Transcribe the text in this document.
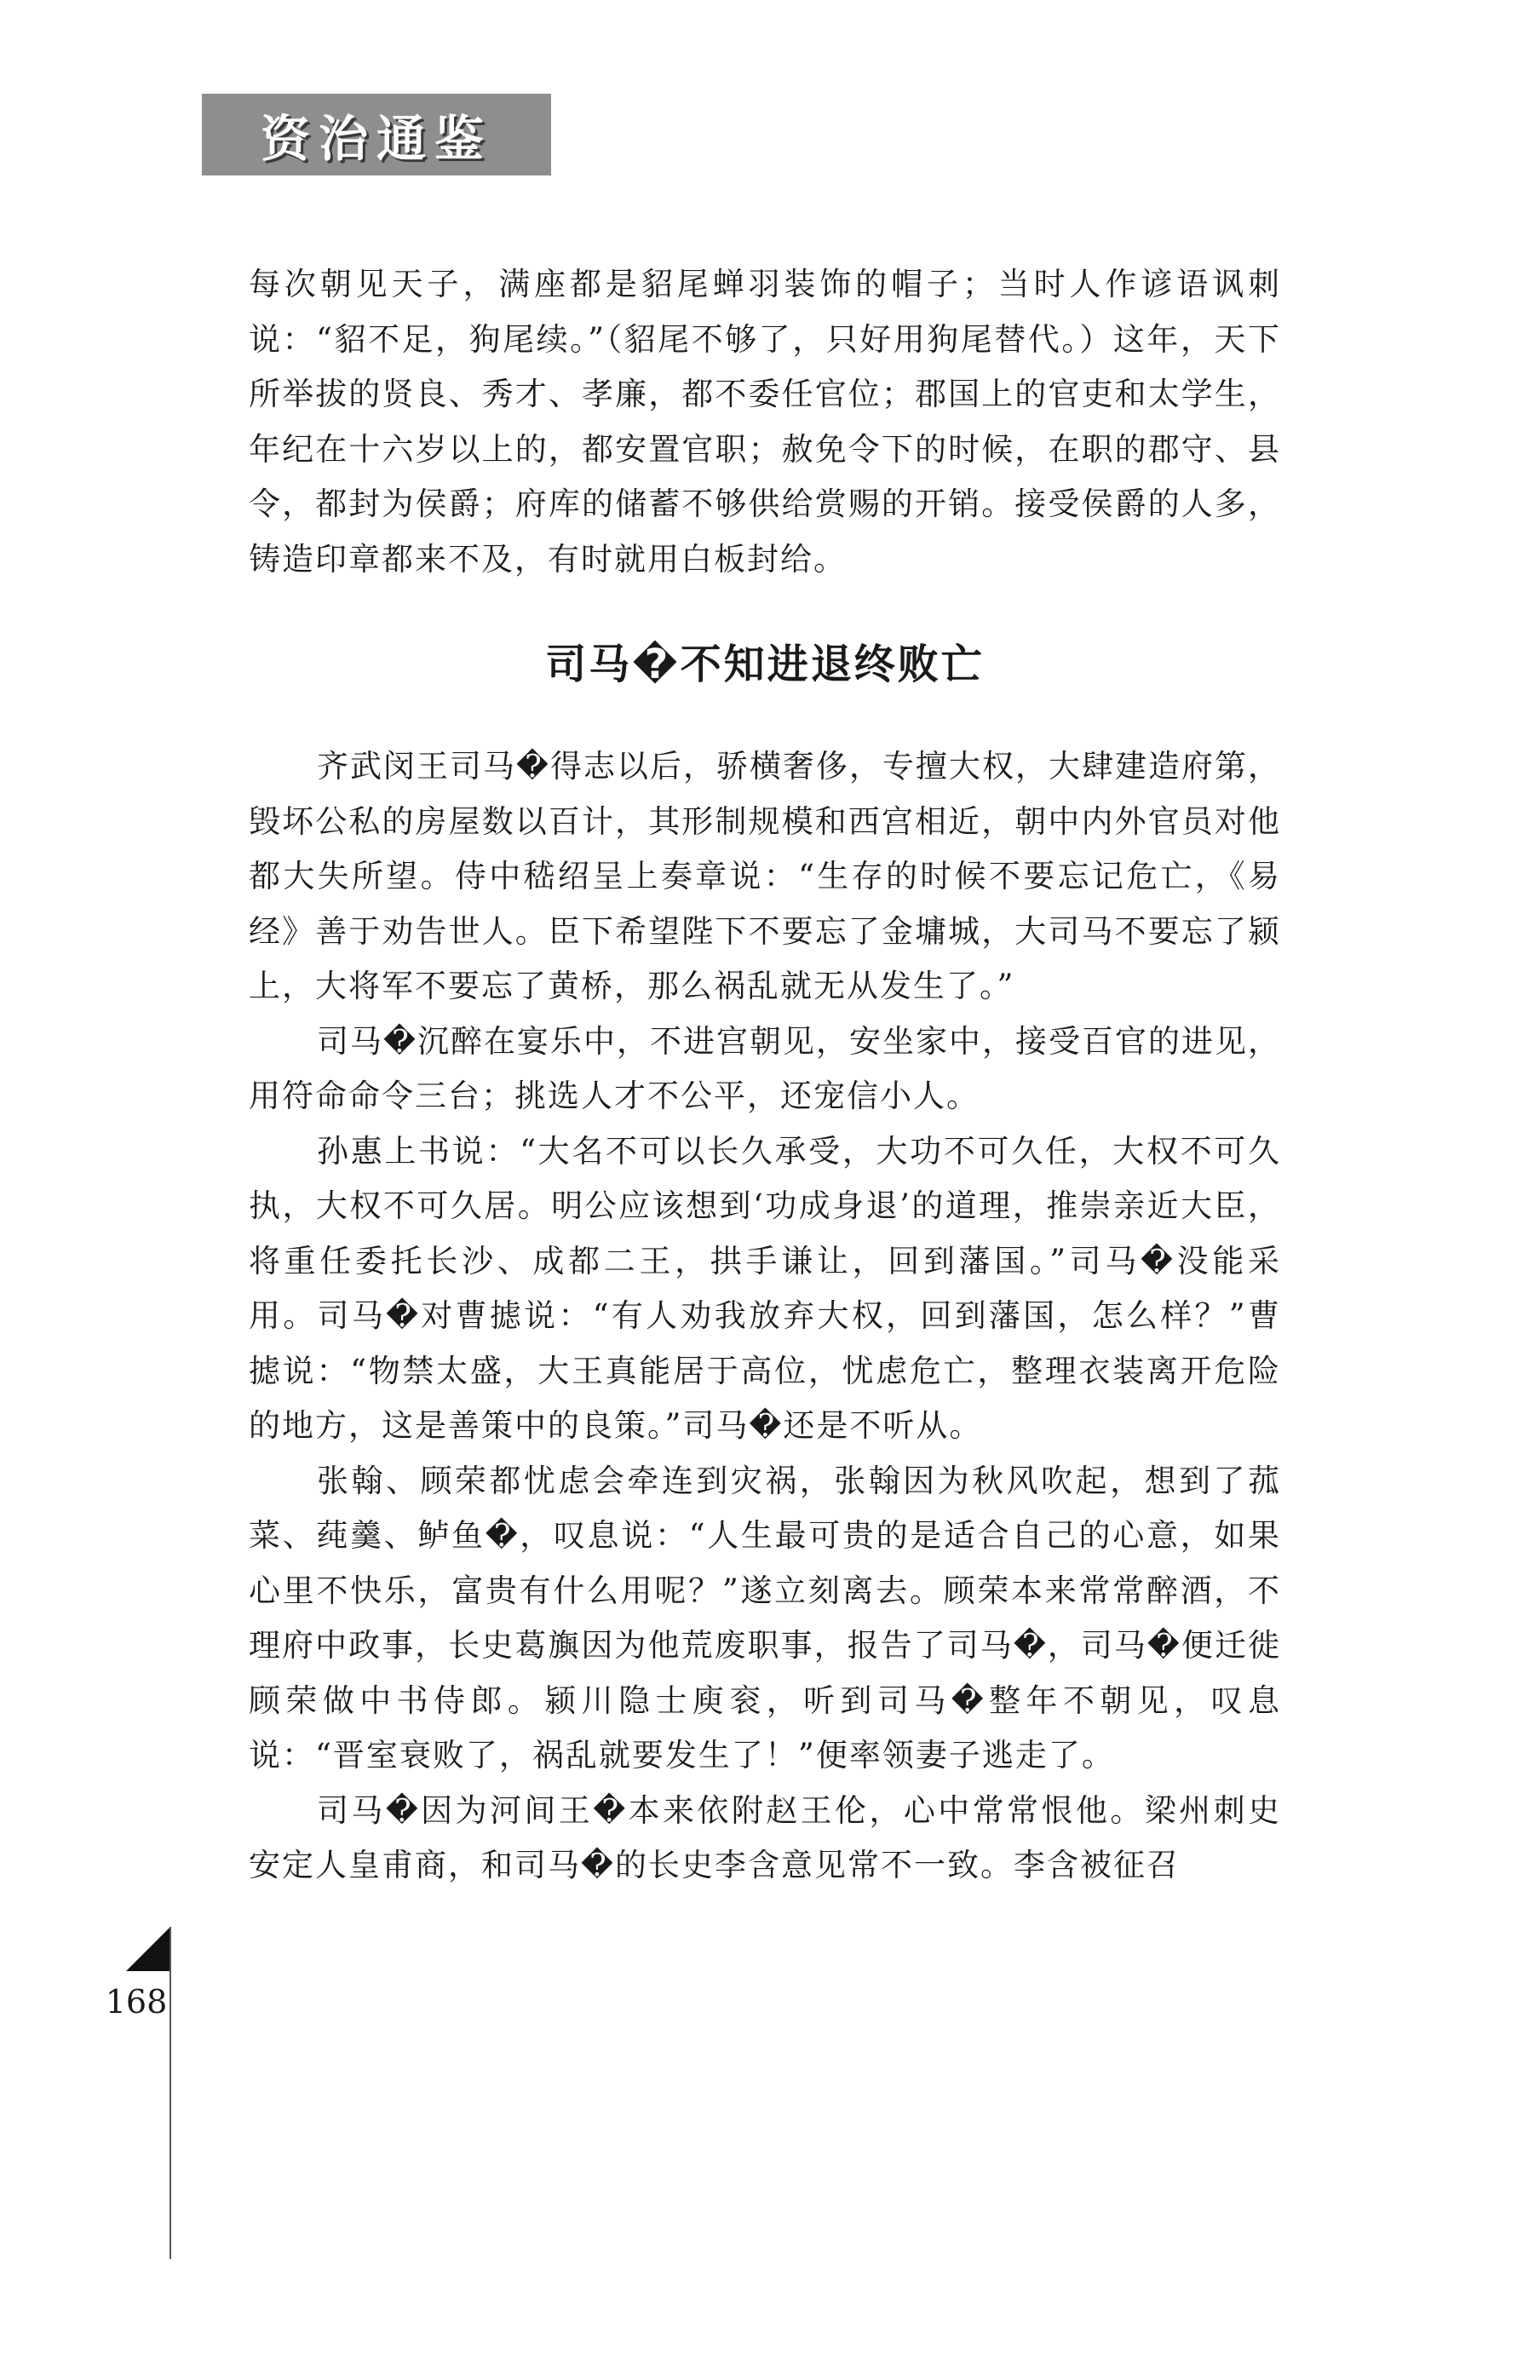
资治通鉴

每次朝见天子，满座都是貂尾蝉羽装饰的帽子；当时人作谚语讽刺说：“貂不足，狗尾续。”（貂尾不够了，只好用狗尾替代。）这年，天下所举拔的贤良、秀才、孝廉，都不委任官位；郡国上的官吏和太学生，年纪在十六岁以上的，都安置官职；赦免令下的时候，在职的郡守、县令，都封为侯爵；府库的储蓄不够供给赏赐的开销。接受侯爵的人多，铸造印章都来不及，有时就用白板封给。

司马�不知进退终败亡

齐武闵王司马�得志以后，骄横奢侈，专擅大权，大肆建造府第，毁坏公私的房屋数以百计，其形制规模和西宫相近，朝中内外官员对他都大失所望。侍中嵇绍呈上奏章说：“生存的时候不要忘记危亡，《易经》善于劝告世人。臣下希望陛下不要忘了金墉城，大司马不要忘了颍上，大将军不要忘了黄桥，那么祸乱就无从发生了。”

司马�沉醉在宴乐中，不进宫朝见，安坐家中，接受百官的进见，用符命命令三台；挑选人才不公平，还宠信小人。

孙惠上书说：“大名不可以长久承受，大功不可久任，大权不可久执，大权不可久居。明公应该想到‘功成身退’的道理，推崇亲近大臣，将重任委托长沙、成都二王，拱手谦让，回到藩国。”司马�没能采用。司马�对曹摅说：“有人劝我放弃大权，回到藩国，怎么样？”曹摅说：“物禁太盛，大王真能居于高位，忧虑危亡，整理衣装离开危险的地方，这是善策中的良策。”司马�还是不听从。

张翰、顾荣都忧虑会牵连到灾祸，张翰因为秋风吹起，想到了菰菜、莼羹、鲈鱼�，叹息说：“人生最可贵的是适合自己的心意，如果心里不快乐，富贵有什么用呢？”遂立刻离去。顾荣本来常常醉酒，不理府中政事，长史葛旟因为他荒废职事，报告了司马�，司马�便迁徙顾荣做中书侍郎。颍川隐士庾衮，听到司马�整年不朝见，叹息说：“晋室衰败了，祸乱就要发生了！”便率领妻子逃走了。

司马�因为河间王�本来依附赵王伦，心中常常恨他。梁州刺史安定人皇甫商，和司马�的长史李含意见常不一致。李含被征召

168
